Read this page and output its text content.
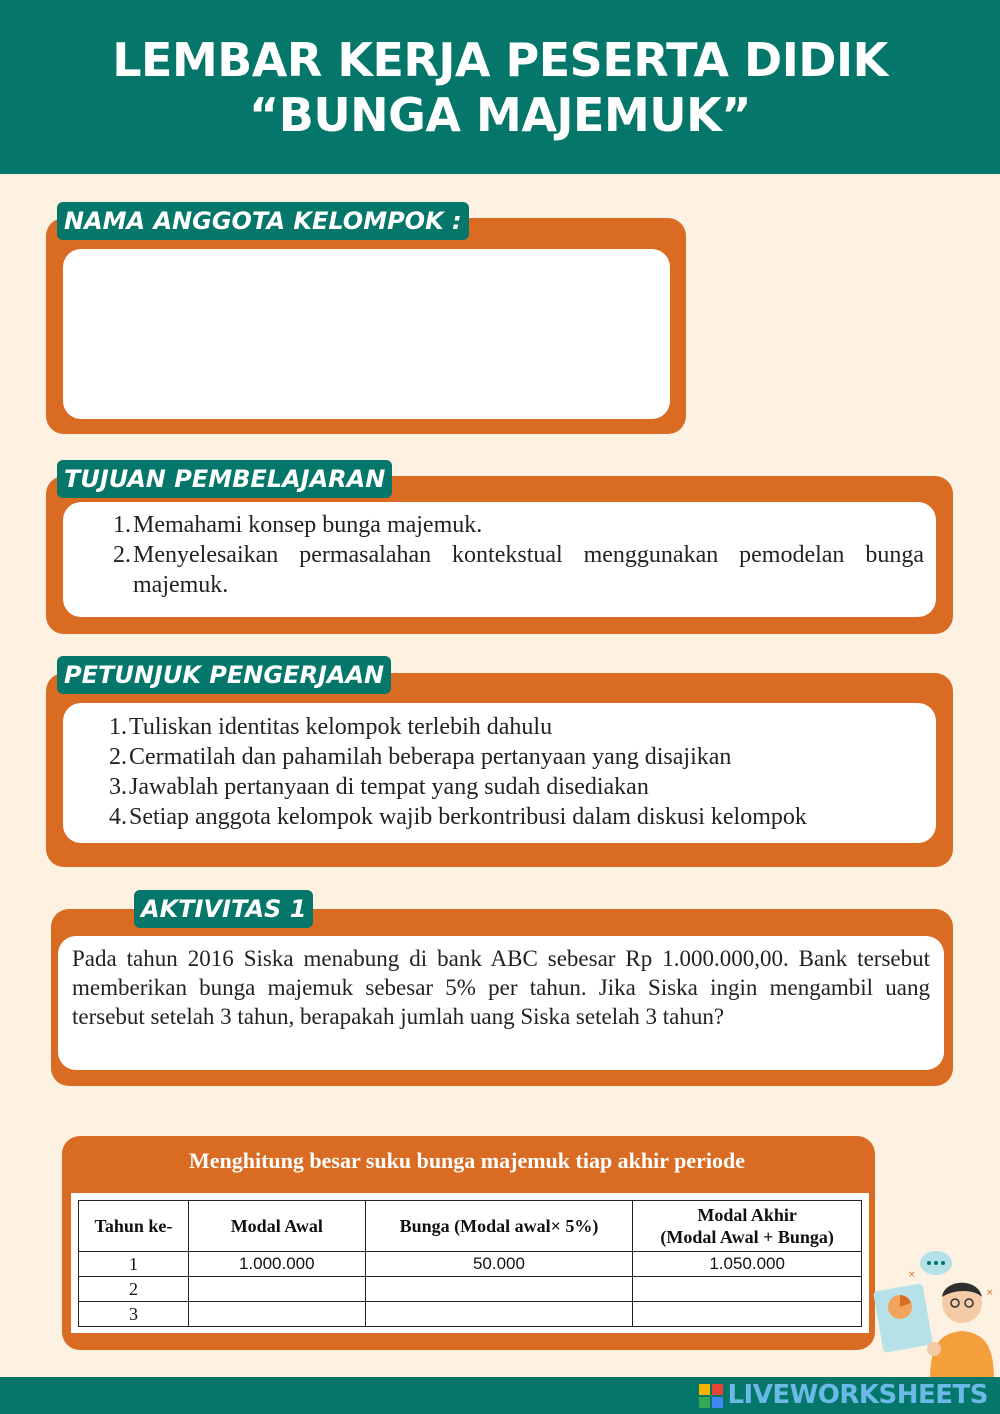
LEMBAR KERJA PESERTA DIDIK
“BUNGA MAJEMUK”
NAMA ANGGOTA KELOMPOK :
1. Memahami konsep bunga majemuk.
2. Menyelesaikan permasalahan kontekstual menggunakan pemodelan bunga majemuk.
TUJUAN PEMBELAJARAN
1. Tuliskan identitas kelompok terlebih dahulu
2. Cermatilah dan pahamilah beberapa pertanyaan yang disajikan
3. Jawablah pertanyaan di tempat yang sudah disediakan
4. Setiap anggota kelompok wajib berkontribusi dalam diskusi kelompok
PETUNJUK PENGERJAAN
Pada tahun 2016 Siska menabung di bank ABC sebesar Rp 1.000.000,00. Bank tersebut memberikan bunga majemuk sebesar 5% per tahun. Jika Siska ingin mengambil uang tersebut setelah 3 tahun, berapakah jumlah uang Siska setelah 3 tahun?
AKTIVITAS 1
Menghitung besar suku bunga majemuk tiap akhir periode
Tahun ke-	Modal Awal	Bunga (Modal awal× 5%)	Modal Akhir
(Modal Awal + Bunga)
1	1.000.000	50.000	1.050.000
2			
3			
×
×
LIVEWORKSHEETS
